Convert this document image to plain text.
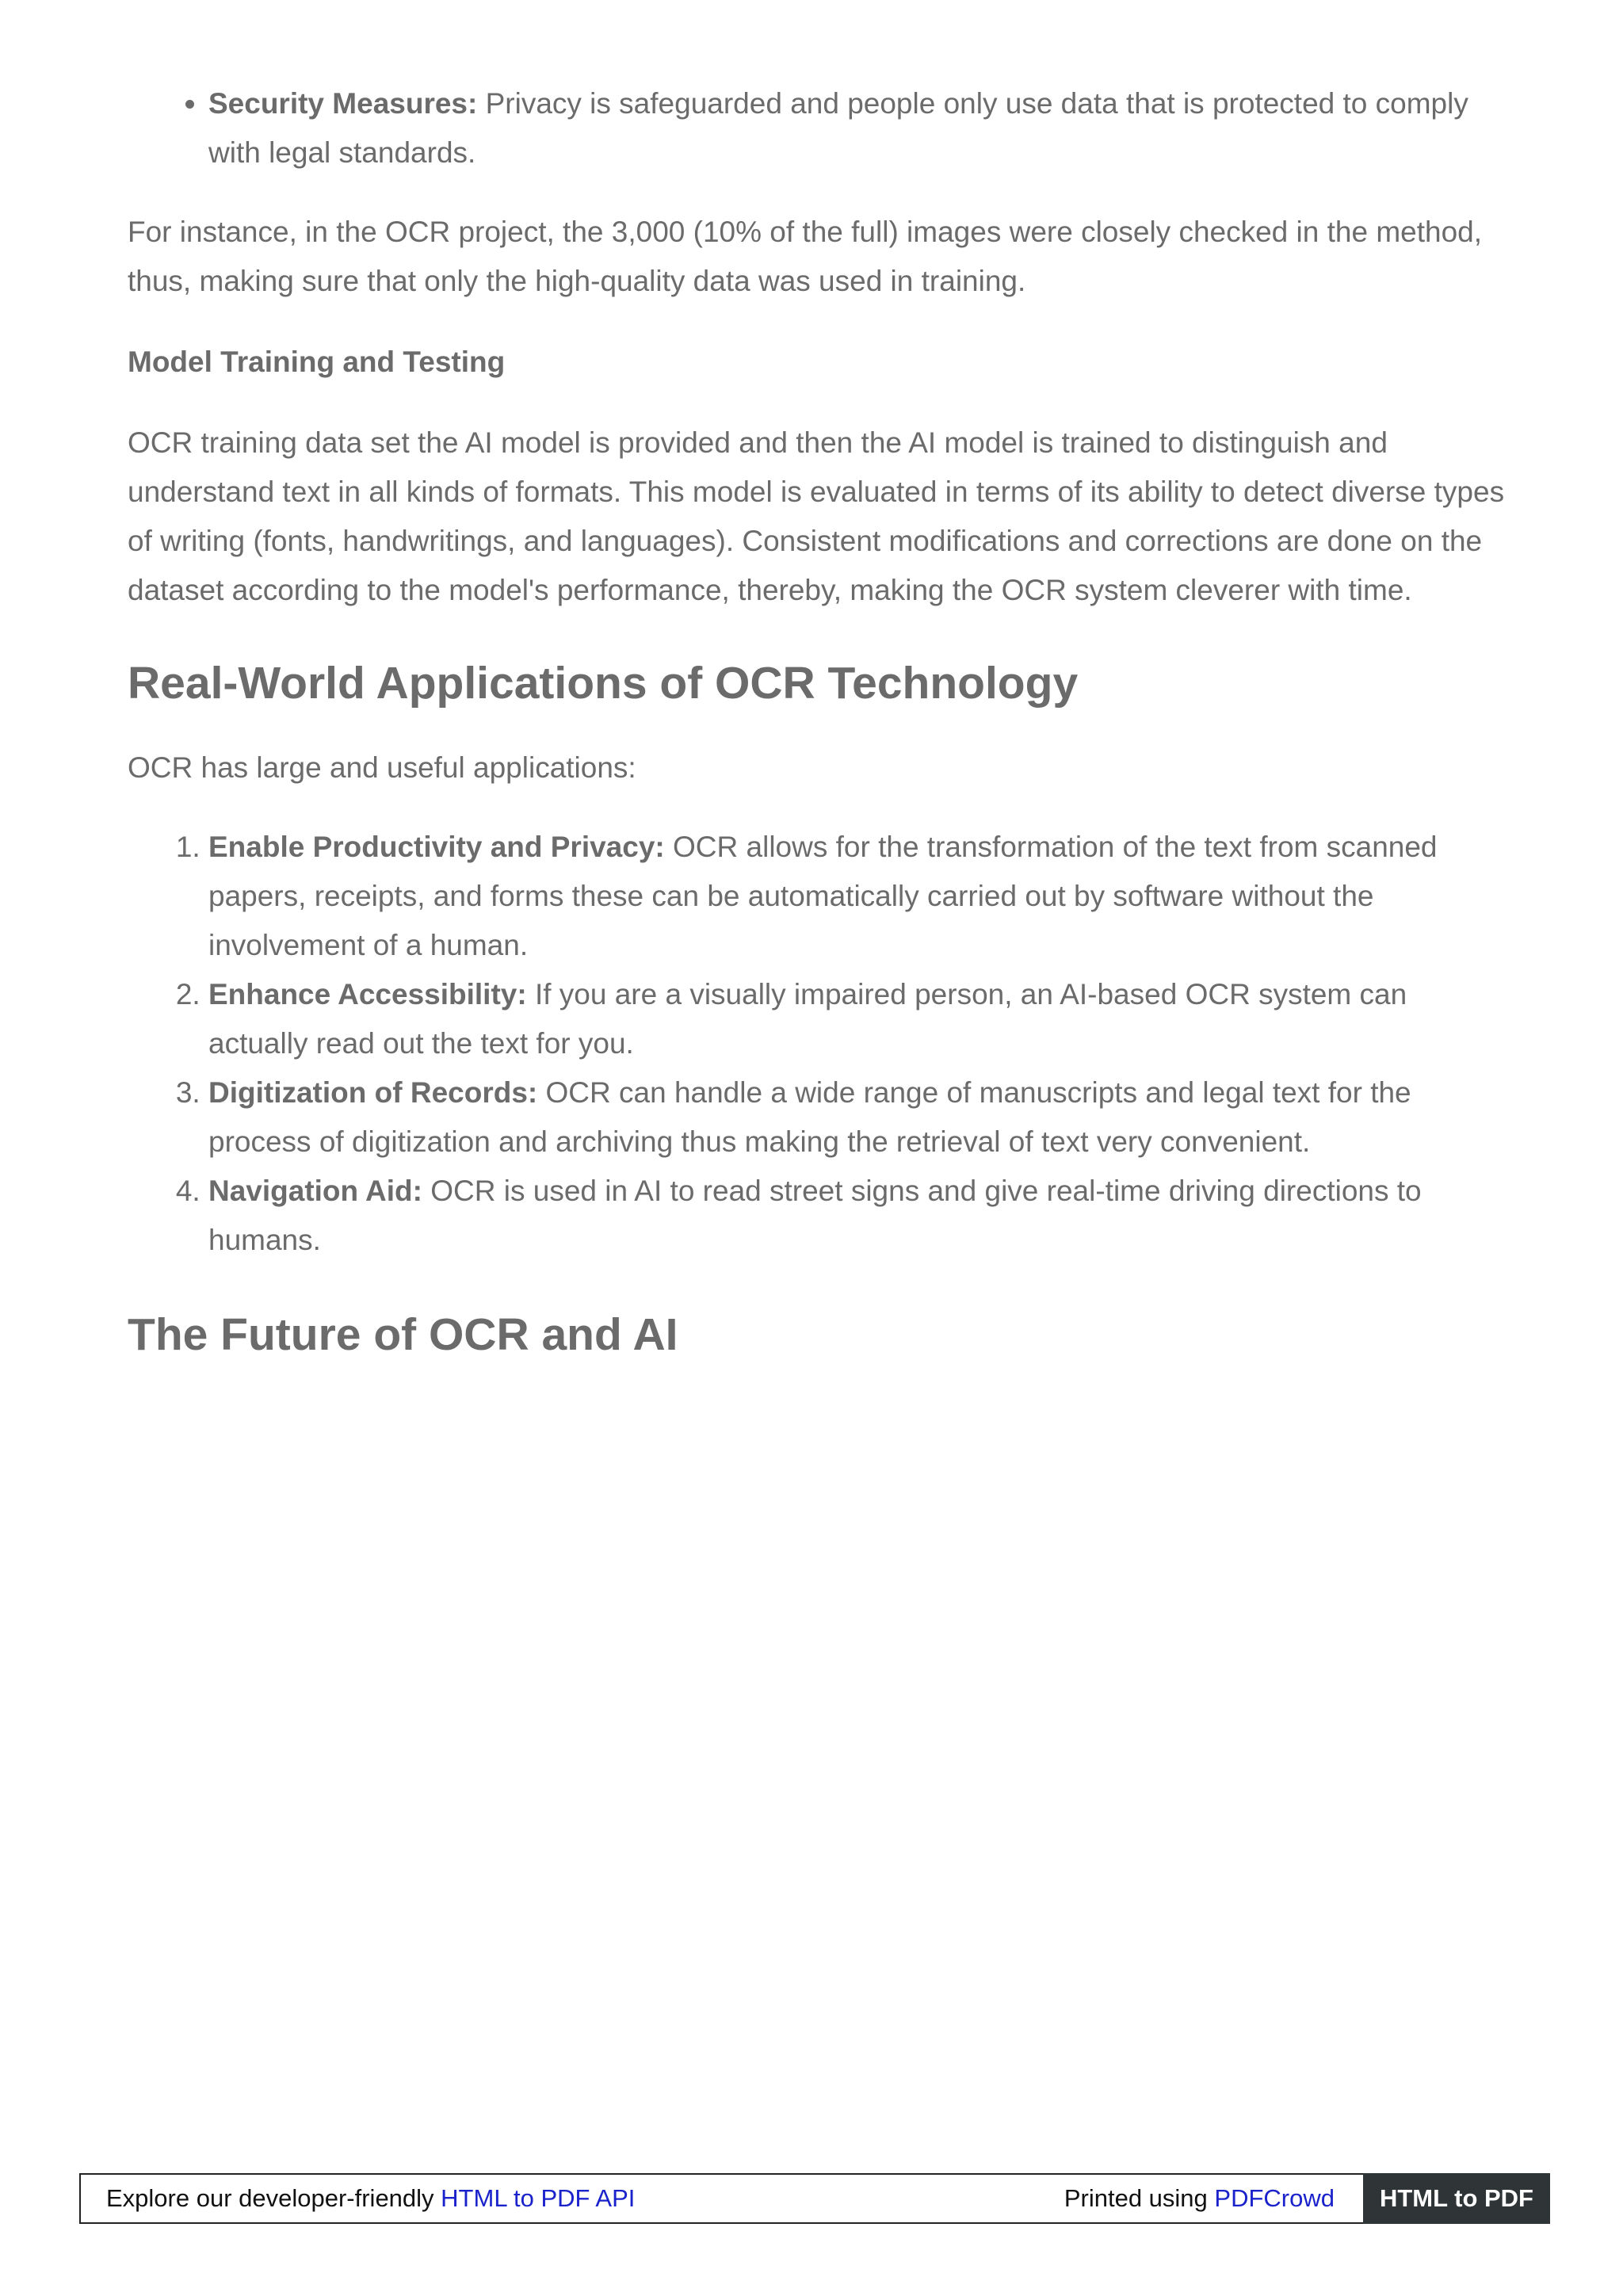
• Security Measures: Privacy is safeguarded and people only use data that is protected to comply with legal standards.

For instance, in the OCR project, the 3,000 (10% of the full) images were closely checked in the method, thus, making sure that only the high-quality data was used in training.

Model Training and Testing

OCR training data set the AI model is provided and then the AI model is trained to distinguish and understand text in all kinds of formats. This model is evaluated in terms of its ability to detect diverse types of writing (fonts, handwritings, and languages). Consistent modifications and corrections are done on the dataset according to the model's performance, thereby, making the OCR system cleverer with time.

Real-World Applications of OCR Technology

OCR has large and useful applications:

1. Enable Productivity and Privacy: OCR allows for the transformation of the text from scanned papers, receipts, and forms these can be automatically carried out by software without the involvement of a human.
2. Enhance Accessibility: If you are a visually impaired person, an AI-based OCR system can actually read out the text for you.
3. Digitization of Records: OCR can handle a wide range of manuscripts and legal text for the process of digitization and archiving thus making the retrieval of text very convenient.
4. Navigation Aid: OCR is used in AI to read street signs and give real-time driving directions to humans.
The Future of OCR and AI
Explore our developer-friendly HTML to PDF API	Printed using PDFCrowd	HTML to PDF
